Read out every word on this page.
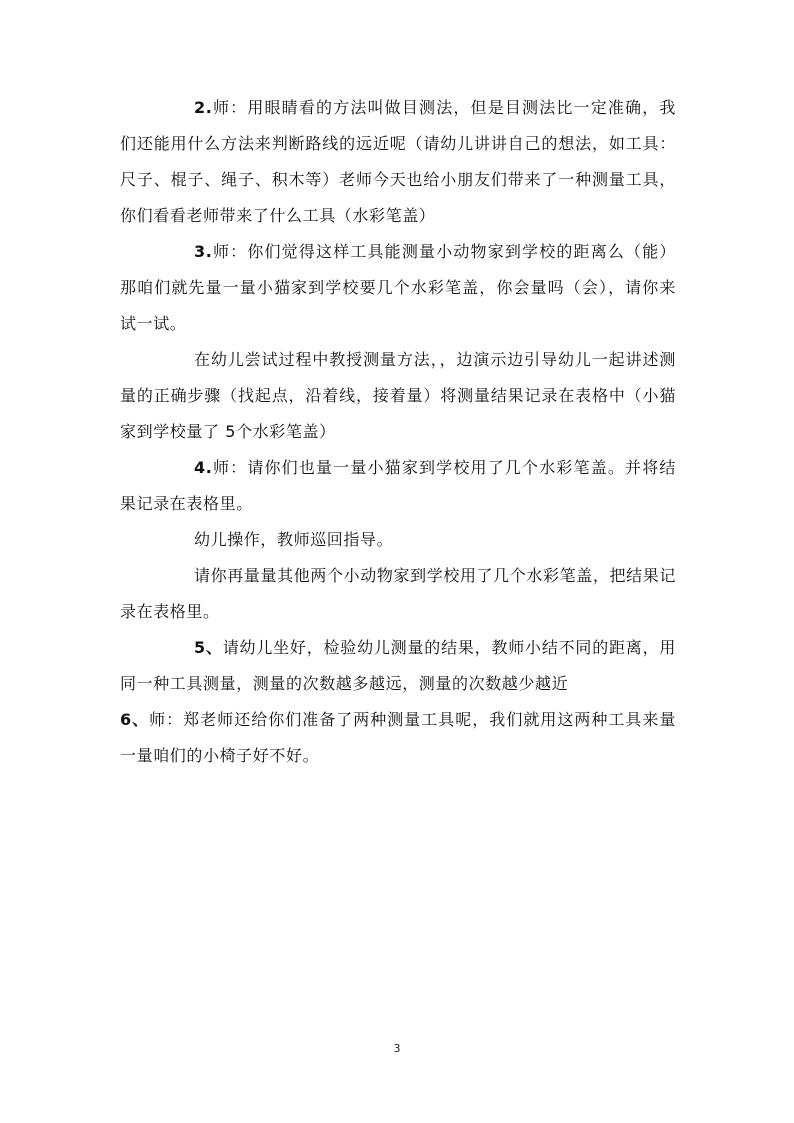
2.师：用眼睛看的方法叫做目测法，但是目测法比一定准确，我们还能用什么方法来判断路线的远近呢（请幼儿讲讲自己的想法，如工具：尺子、棍子、绳子、积木等）老师今天也给小朋友们带来了一种测量工具，你们看看老师带来了什么工具（水彩笔盖）

3.师：你们觉得这样工具能测量小动物家到学校的距离么（能）那咱们就先量一量小猫家到学校要几个水彩笔盖，你会量吗（会），请你来试一试。

在幼儿尝试过程中教授测量方法，，边演示边引导幼儿一起讲述测量的正确步骤（找起点，沿着线，接着量）将测量结果记录在表格中（小猫家到学校量了 5个水彩笔盖）

4.师：请你们也量一量小猫家到学校用了几个水彩笔盖。并将结果记录在表格里。

幼儿操作，教师巡回指导。

请你再量量其他两个小动物家到学校用了几个水彩笔盖，把结果记录在表格里。

5、请幼儿坐好，检验幼儿测量的结果，教师小结不同的距离，用同一种工具测量，测量的次数越多越远，测量的次数越少越近

6、师：郑老师还给你们准备了两种测量工具呢，我们就用这两种工具来量一量咱们的小椅子好不好。

3
